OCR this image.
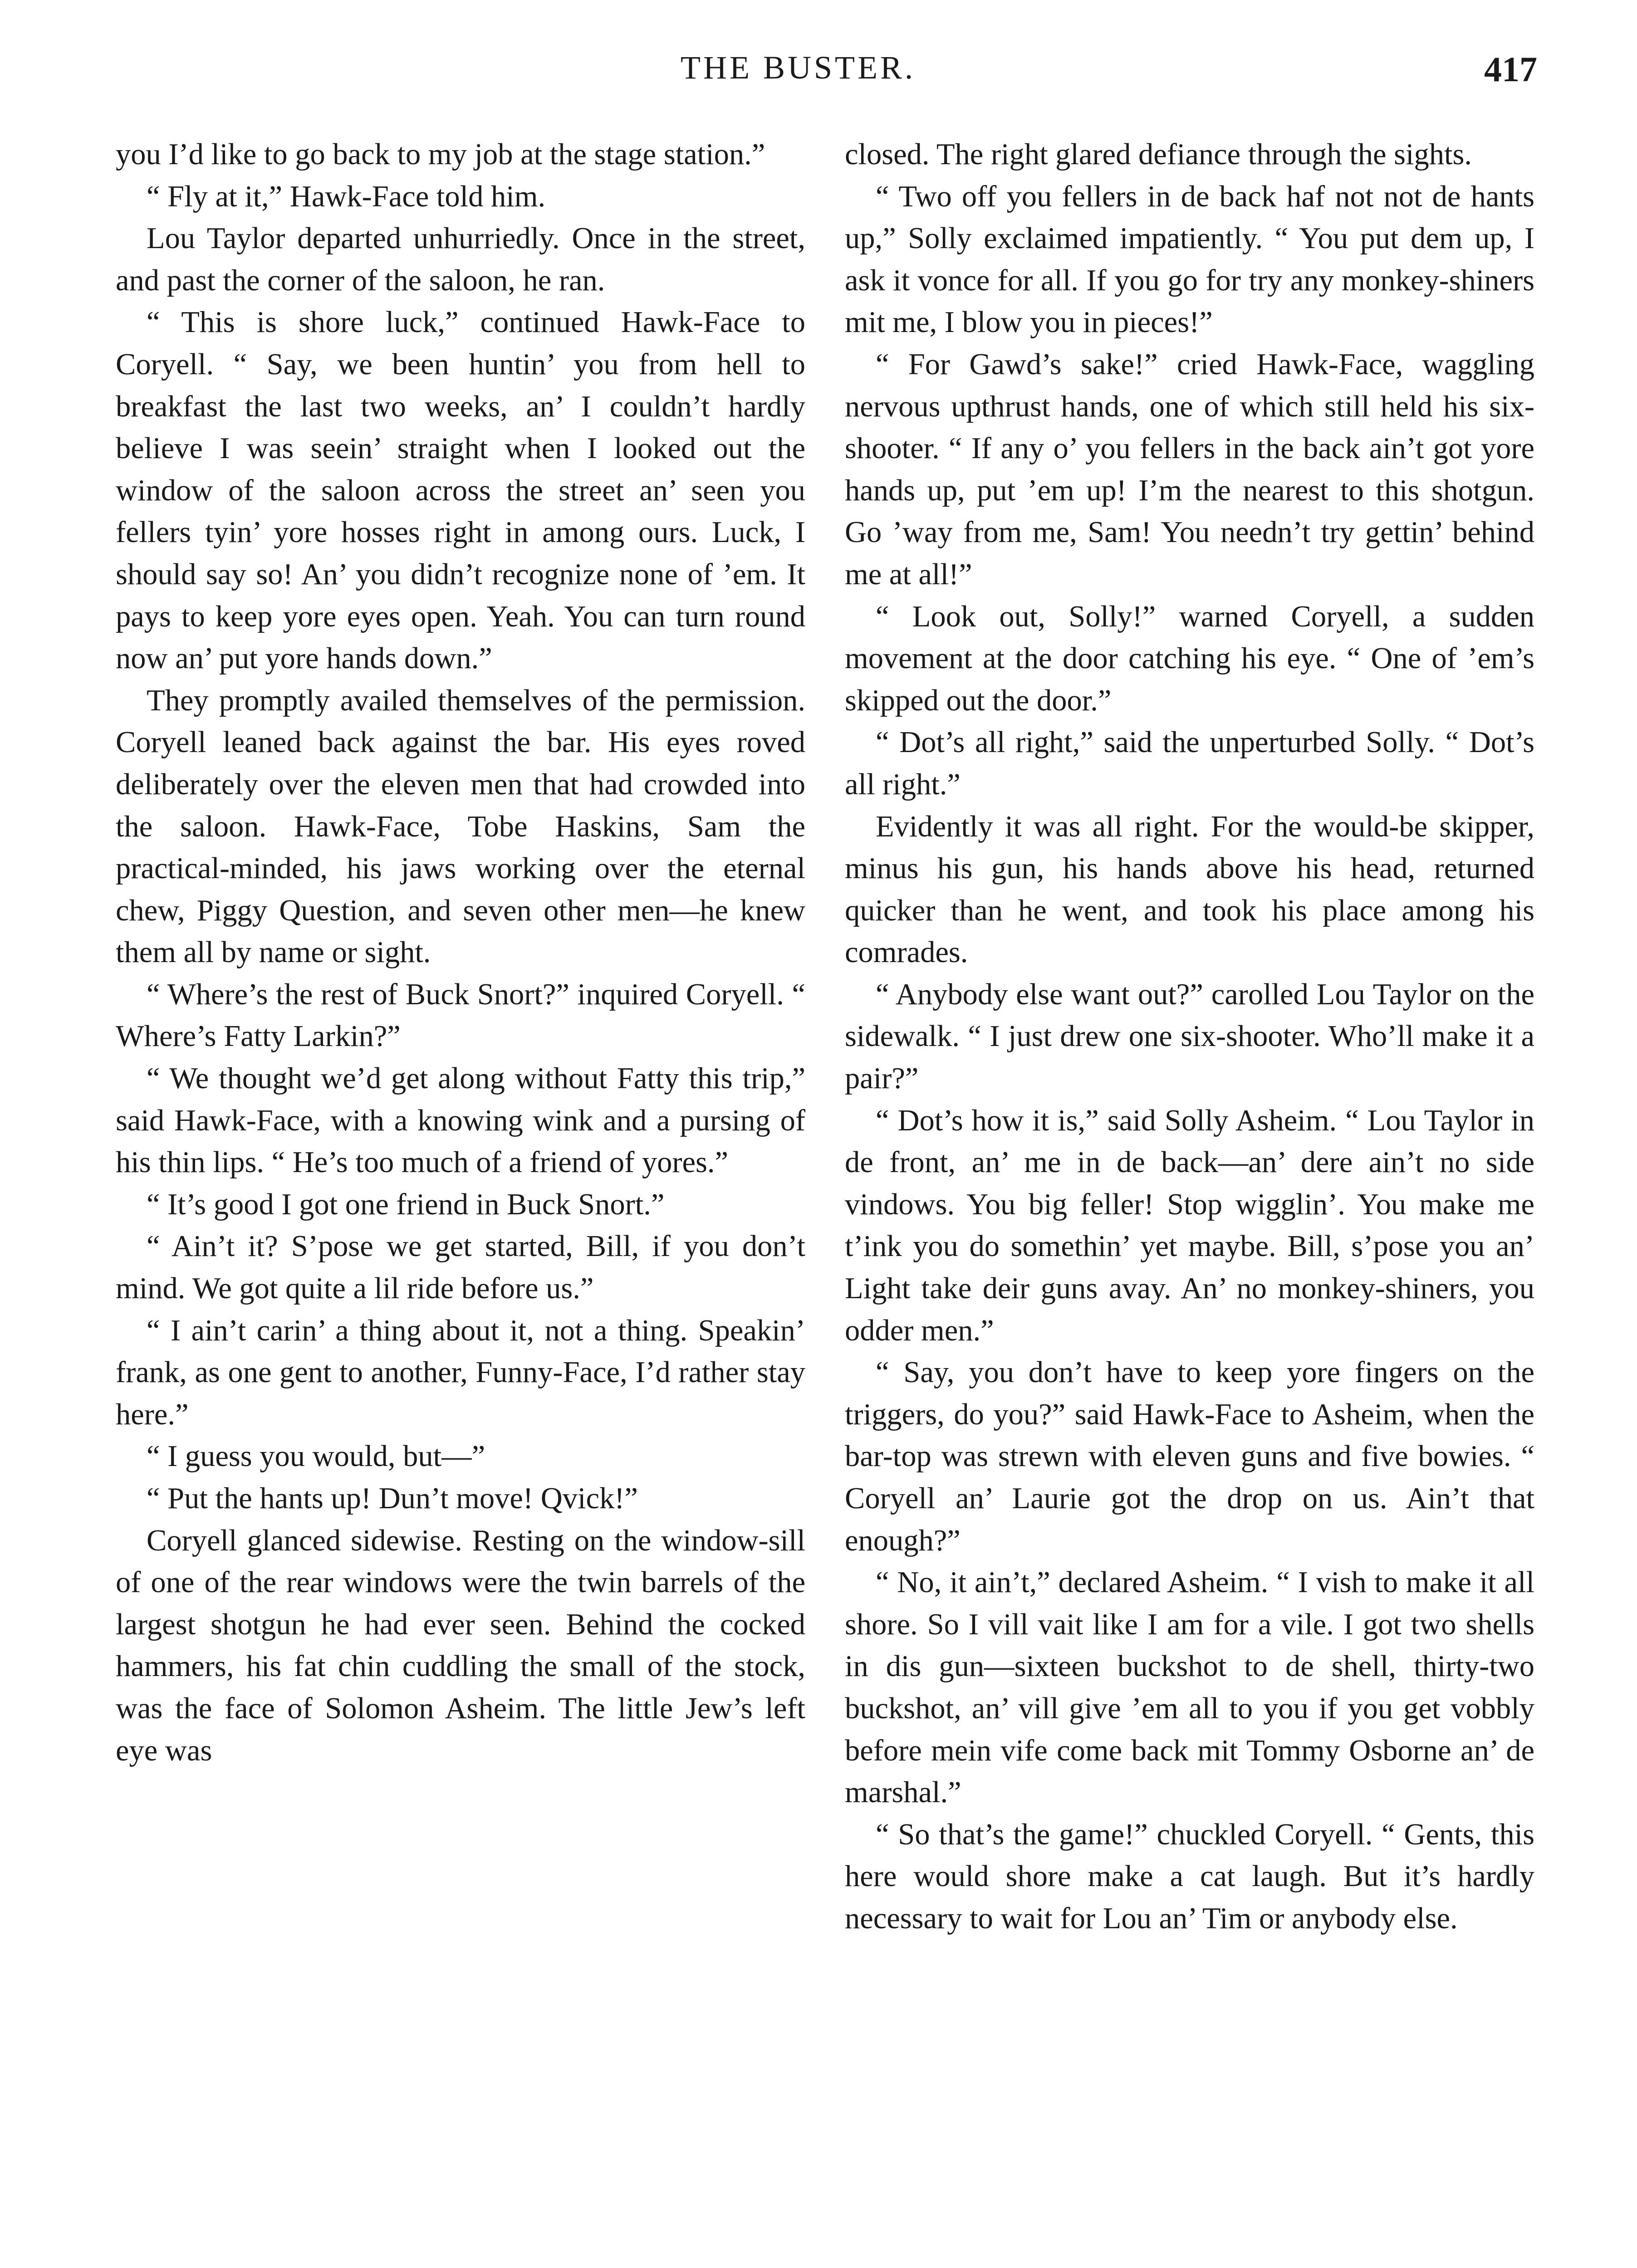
THE BUSTER.	417

you I’d like to go back to my job at the stage station.”

“ Fly at it,” Hawk-Face told him.

Lou Taylor departed unhurriedly. Once in the street, and past the corner of the saloon, he ran.

“ This is shore luck,” continued Hawk-Face to Coryell. “ Say, we been huntin’ you from hell to breakfast the last two weeks, an’ I couldn’t hardly believe I was seein’ straight when I looked out the window of the saloon across the street an’ seen you fellers tyin’ yore hosses right in among ours. Luck, I should say so! An’ you didn’t recognize none of ’em. It pays to keep yore eyes open. Yeah. You can turn round now an’ put yore hands down.”

They promptly availed themselves of the permission. Coryell leaned back against the bar. His eyes roved deliberately over the eleven men that had crowded into the saloon. Hawk-Face, Tobe Haskins, Sam the practical-minded, his jaws working over the eternal chew, Piggy Question, and seven other men—he knew them all by name or sight.

“ Where’s the rest of Buck Snort?” inquired Coryell. “ Where’s Fatty Larkin?”

“ We thought we’d get along without Fatty this trip,” said Hawk-Face, with a knowing wink and a pursing of his thin lips. “ He’s too much of a friend of yores.”

“ It’s good I got one friend in Buck Snort.”

“ Ain’t it? S’pose we get started, Bill, if you don’t mind. We got quite a lil ride before us.”

“ I ain’t carin’ a thing about it, not a thing. Speakin’ frank, as one gent to another, Funny-Face, I’d rather stay here.”

“ I guess you would, but—”

“ Put the hants up! Dun’t move! Qvick!”

Coryell glanced sidewise. Resting on the window-sill of one of the rear windows were the twin barrels of the largest shotgun he had ever seen. Behind the cocked hammers, his fat chin cuddling the small of the stock, was the face of Solomon Asheim. The little Jew’s left eye was

closed. The right glared defiance through the sights.

“ Two off you fellers in de back haf not not de hants up,” Solly exclaimed impatiently. “ You put dem up, I ask it vonce for all. If you go for try any monkey-shiners mit me, I blow you in pieces!”

“ For Gawd’s sake!” cried Hawk-Face, waggling nervous upthrust hands, one of which still held his six-shooter. “ If any o’ you fellers in the back ain’t got yore hands up, put ’em up! I’m the nearest to this shotgun. Go ’way from me, Sam! You needn’t try gettin’ behind me at all!”

“ Look out, Solly!” warned Coryell, a sudden movement at the door catching his eye. “ One of ’em’s skipped out the door.”

“ Dot’s all right,” said the unperturbed Solly. “ Dot’s all right.”

Evidently it was all right. For the would-be skipper, minus his gun, his hands above his head, returned quicker than he went, and took his place among his comrades.

“ Anybody else want out?” carolled Lou Taylor on the sidewalk. “ I just drew one six-shooter. Who’ll make it a pair?”

“ Dot’s how it is,” said Solly Asheim. “ Lou Taylor in de front, an’ me in de back—an’ dere ain’t no side vindows. You big feller! Stop wigglin’. You make me t’ink you do somethin’ yet maybe. Bill, s’pose you an’ Light take deir guns avay. An’ no monkey-shiners, you odder men.”

“ Say, you don’t have to keep yore fingers on the triggers, do you?” said Hawk-Face to Asheim, when the bar-top was strewn with eleven guns and five bowies. “ Coryell an’ Laurie got the drop on us. Ain’t that enough?”

“ No, it ain’t,” declared Asheim. “ I vish to make it all shore. So I vill vait like I am for a vile. I got two shells in dis gun—sixteen buckshot to de shell, thirty-two buckshot, an’ vill give ’em all to you if you get vobbly before mein vife come back mit Tommy Osborne an’ de marshal.”

“ So that’s the game!” chuckled Coryell. “ Gents, this here would shore make a cat laugh. But it’s hardly necessary to wait for Lou an’ Tim or anybody else.
